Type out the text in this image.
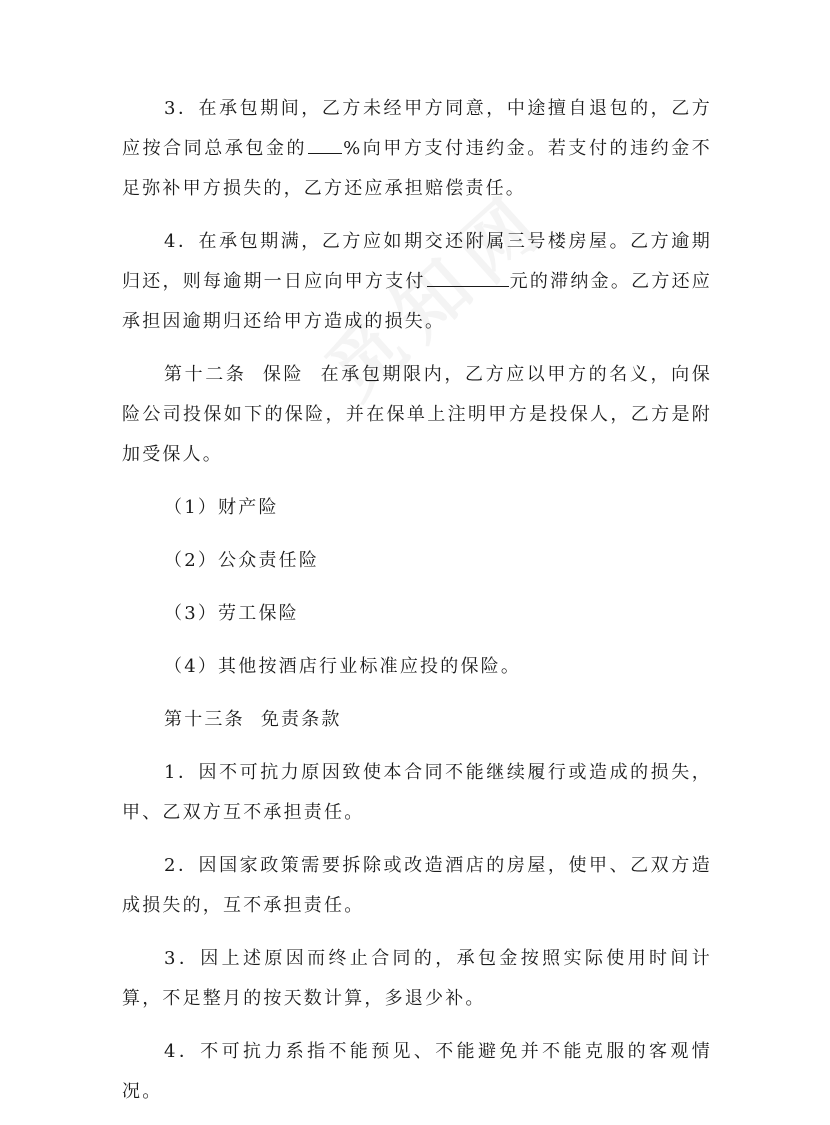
3．在承包期间，乙方未经甲方同意，中途擅自退包的，乙方应按合同总承包金的 %向甲方支付违约金。若支付的违约金不足弥补甲方损失的，乙方还应承担赔偿责任。

4．在承包期满，乙方应如期交还附属三号楼房屋。乙方逾期归还，则每逾期一日应向甲方支付	元的滞纳金。乙方还应承担因逾期归还给甲方造成的损失。

第十二条 保险 在承包期限内，乙方应以甲方的名义，向保险公司投保如下的保险，并在保单上注明甲方是投保人，乙方是附加受保人。

（1）财产险

（2）公众责任险

（3）劳工保险

（4）其他按酒店行业标准应投的保险。

第十三条 免责条款

1．因不可抗力原因致使本合同不能继续履行或造成的损失，甲、乙双方互不承担责任。

2．因国家政策需要拆除或改造酒店的房屋，使甲、乙双方造成损失的，互不承担责任。

3．因上述原因而终止合同的，承包金按照实际使用时间计算，不足整月的按天数计算，多退少补。

4．不可抗力系指不能预见、不能避免并不能克服的客观情况。
